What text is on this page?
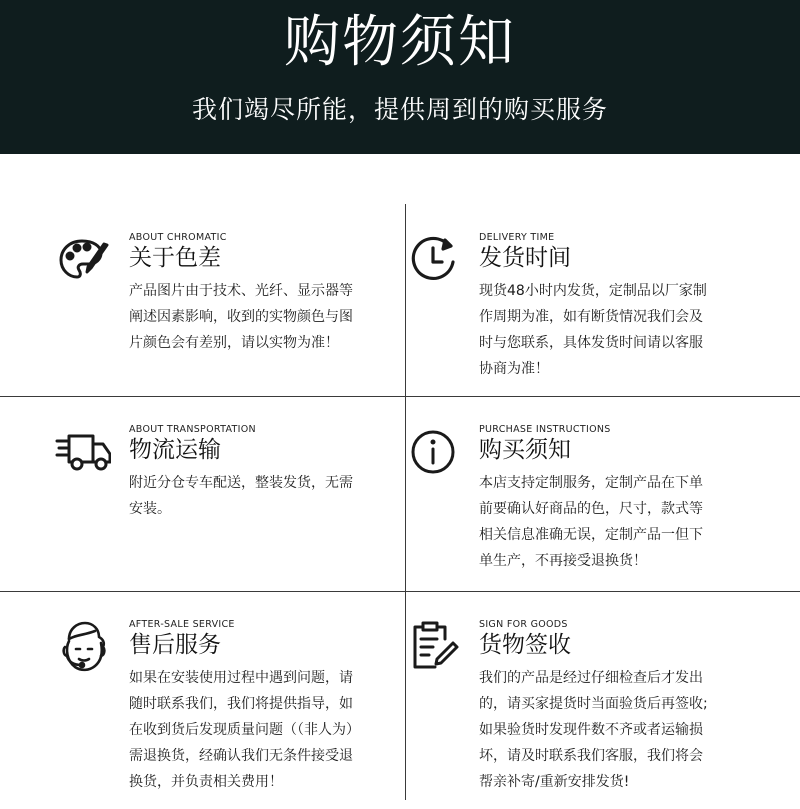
购物须知
我们竭尽所能，提供周到的购买服务
ABOUT CHROMATIC
关于色差
产品图片由于技术、光纤、显示器等
阐述因素影响，收到的实物颜色与图
片颜色会有差别，请以实物为准！
DELIVERY TIME
发货时间
现货48小时内发货，定制品以厂家制
作周期为准，如有断货情况我们会及
时与您联系，具体发货时间请以客服
协商为准！
ABOUT TRANSPORTATION
物流运输
附近分仓专车配送，整装发货，无需
安装。
PURCHASE INSTRUCTIONS
购买须知
本店支持定制服务，定制产品在下单
前要确认好商品的色，尺寸，款式等
相关信息准确无误，定制产品一但下
单生产，不再接受退换货！
AFTER-SALE SERVICE
售后服务
如果在安装使用过程中遇到问题，请
随时联系我们，我们将提供指导，如
在收到货后发现质量问题（（非人为）
需退换货，经确认我们无条件接受退
换货，并负责相关费用！
SIGN FOR GOODS
货物签收
我们的产品是经过仔细检查后才发出
的，请买家提货时当面验货后再签收;
如果验货时发现件数不齐或者运输损
坏，请及时联系我们客服，我们将会
帮亲补寄/重新安排发货!
